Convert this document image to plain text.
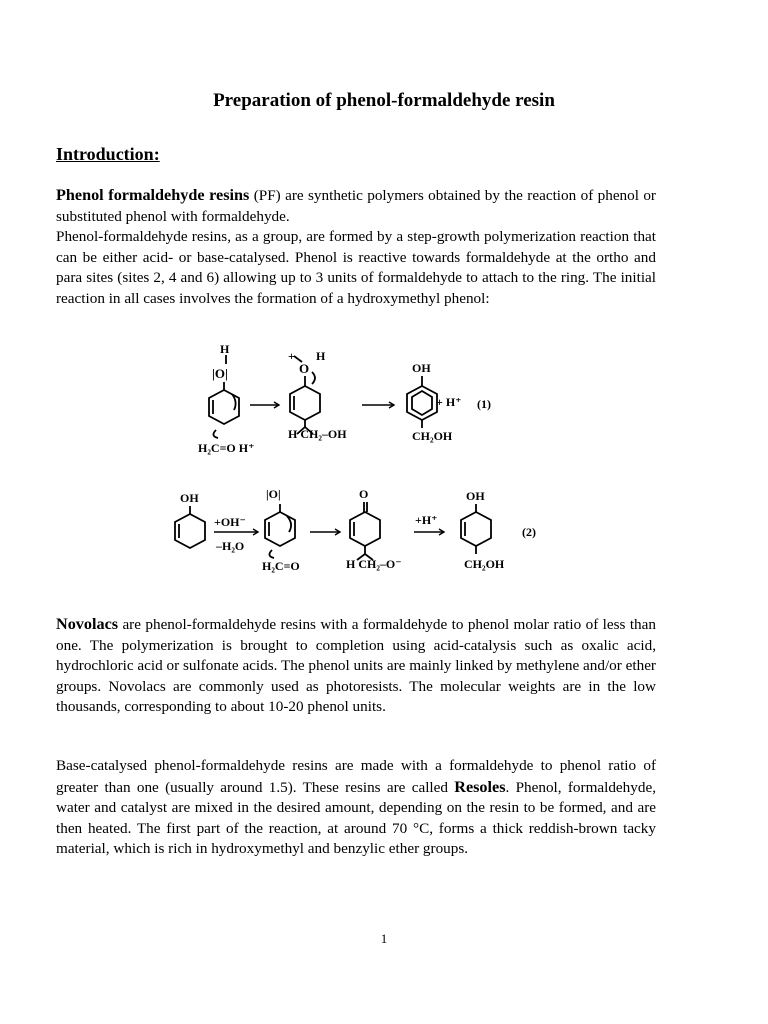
Preparation of phenol-formaldehyde resin
Introduction:
Phenol formaldehyde resins (PF) are synthetic polymers obtained by the reaction of phenol or substituted phenol with formaldehyde.
Phenol-formaldehyde resins, as a group, are formed by a step-growth polymerization reaction that can be either acid- or base-catalysed. Phenol is reactive towards formaldehyde at the ortho and para sites (sites 2, 4 and 6) allowing up to 3 units of formaldehyde to attach to the ring. The initial reaction in all cases involves the formation of a hydroxymethyl phenol:
H
|O|
H₂C=O H⁺
+ H
O
H CH₂–OH
OH
+ H⁺ (1)
CH₂OH
OH
+OH⁻
–H₂O
|O|
H₂C=O
O
H CH₂–O⁻
+H⁺
OH
CH₂OH
(2)
Novolacs are phenol-formaldehyde resins with a formaldehyde to phenol molar ratio of less than one. The polymerization is brought to completion using acid-catalysis such as oxalic acid, hydrochloric acid or sulfonate acids. The phenol units are mainly linked by methylene and/or ether groups. Novolacs are commonly used as photoresists. The molecular weights are in the low thousands, corresponding to about 10-20 phenol units.
Base-catalysed phenol-formaldehyde resins are made with a formaldehyde to phenol ratio of greater than one (usually around 1.5). These resins are called Resoles. Phenol, formaldehyde, water and catalyst are mixed in the desired amount, depending on the resin to be formed, and are then heated. The first part of the reaction, at around 70 °C, forms a thick reddish-brown tacky material, which is rich in hydroxymethyl and benzylic ether groups.
1
